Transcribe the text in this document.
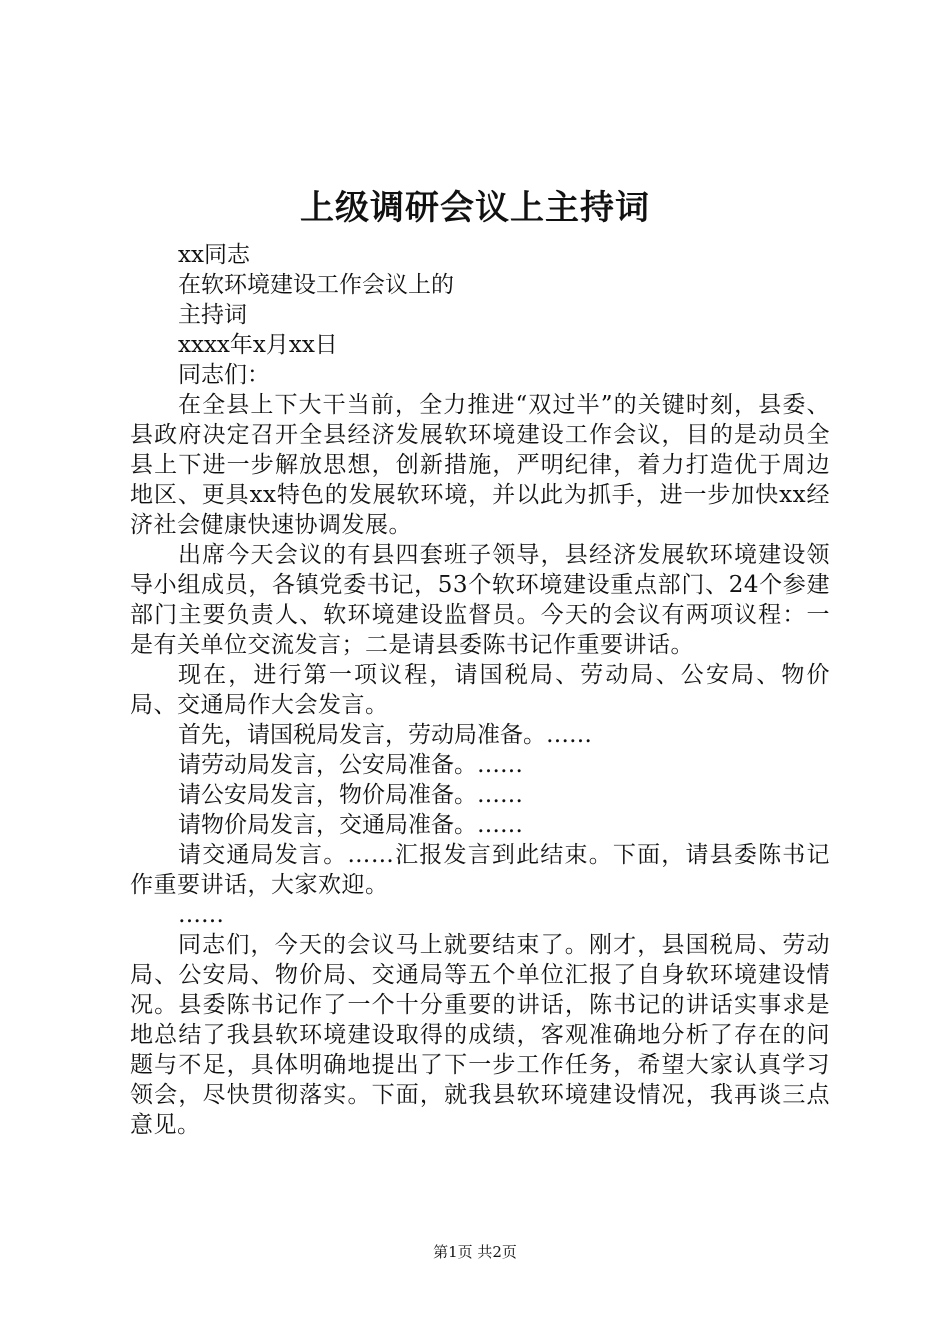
上级调研会议上主持词
xx同志
在软环境建设工作会议上的
主持词
xxxx年x月xx日
同志们：
在全县上下大干当前，全力推进“双过半”的关键时刻，县委、县政府决定召开全县经济发展软环境建设工作会议，目的是动员全县上下进一步解放思想，创新措施，严明纪律，着力打造优于周边地区、更具xx特色的发展软环境，并以此为抓手，进一步加快xx经济社会健康快速协调发展。
出席今天会议的有县四套班子领导，县经济发展软环境建设领导小组成员，各镇党委书记，53个软环境建设重点部门、24个参建部门主要负责人、软环境建设监督员。今天的会议有两项议程：一是有关单位交流发言；二是请县委陈书记作重要讲话。
现在，进行第一项议程，请国税局、劳动局、公安局、物价局、交通局作大会发言。
首先，请国税局发言，劳动局准备。……
请劳动局发言，公安局准备。……
请公安局发言，物价局准备。……
请物价局发言，交通局准备。……
请交通局发言。……汇报发言到此结束。下面，请县委陈书记作重要讲话，大家欢迎。
……
同志们，今天的会议马上就要结束了。刚才，县国税局、劳动局、公安局、物价局、交通局等五个单位汇报了自身软环境建设情况。县委陈书记作了一个十分重要的讲话，陈书记的讲话实事求是地总结了我县软环境建设取得的成绩，客观准确地分析了存在的问题与不足，具体明确地提出了下一步工作任务，希望大家认真学习领会，尽快贯彻落实。下面，就我县软环境建设情况，我再谈三点意见。
第1页 共2页
